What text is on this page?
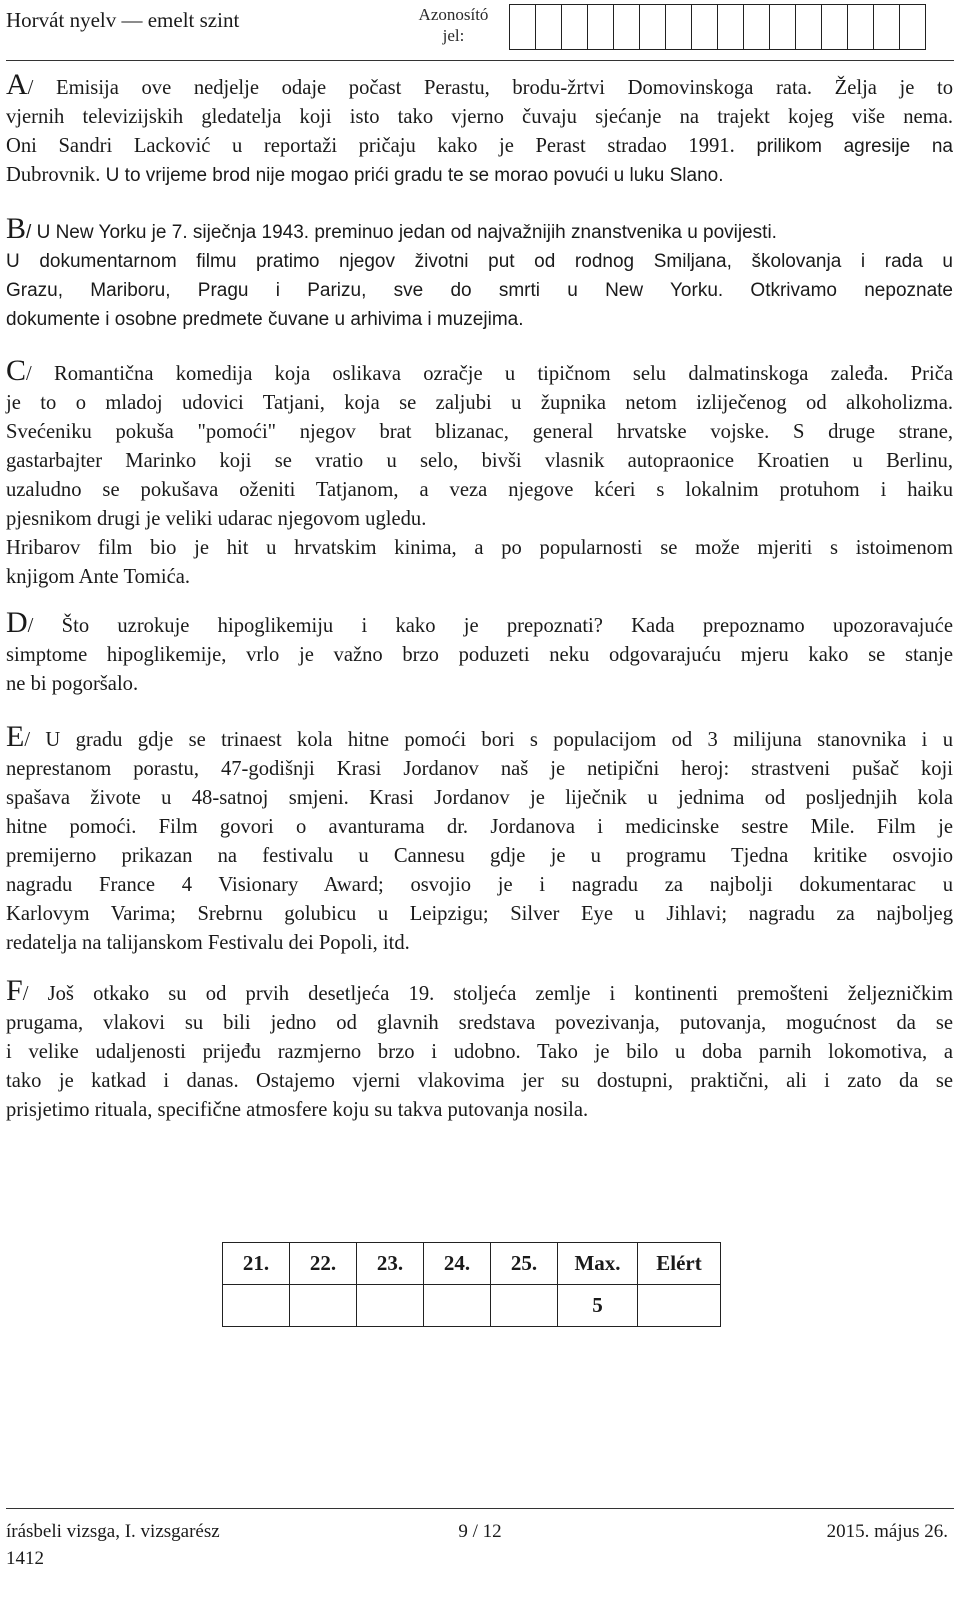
Horvát nyelv — emelt szint	Azonosító
jel:
A/ Emisija ove nedjelje odaje počast Perastu, brodu-žrtvi Domovinskoga rata. Želja je to
vjernih televizijskih gledatelja koji isto tako vjerno čuvaju sjećanje na trajekt kojeg više nema.
Oni Sandri Lacković u reportaži pričaju kako je Perast stradao 1991. prilikom agresije na
Dubrovnik. U to vrijeme brod nije mogao prići gradu te se morao povući u luku Slano.
B/ U New Yorku je 7. siječnja 1943. preminuo jedan od najvažnijih znanstvenika u povijesti.
U dokumentarnom filmu pratimo njegov životni put od rodnog Smiljana, školovanja i rada u
Grazu, Mariboru, Pragu i Parizu, sve do smrti u New Yorku. Otkrivamo nepoznate
dokumente i osobne predmete čuvane u arhivima i muzejima.
C/ Romantična komedija koja oslikava ozračje u tipičnom selu dalmatinskoga zaleđa. Priča
je to o mladoj udovici Tatjani, koja se zaljubi u župnika netom izliječenog od alkoholizma.
Svećeniku pokuša "pomoći" njegov brat blizanac, general hrvatske vojske. S druge strane,
gastarbajter Marinko koji se vratio u selo, bivši vlasnik autopraonice Kroatien u Berlinu,
uzaludno se pokušava oženiti Tatjanom, a veza njegove kćeri s lokalnim protuhom i haiku
pjesnikom drugi je veliki udarac njegovom ugledu.
Hribarov film bio je hit u hrvatskim kinima, a po popularnosti se može mjeriti s istoimenom
knjigom Ante Tomića.
D/ Što uzrokuje hipoglikemiju i kako je prepoznati? Kada prepoznamo upozoravajuće
simptome hipoglikemije, vrlo je važno brzo poduzeti neku odgovarajuću mjeru kako se stanje
ne bi pogoršalo.
E/ U gradu gdje se trinaest kola hitne pomoći bori s populacijom od 3 milijuna stanovnika i u
neprestanom porastu, 47-godišnji Krasi Jordanov naš je netipični heroj: strastveni pušač koji
spašava živote u 48-satnoj smjeni. Krasi Jordanov je liječnik u jednima od posljednjih kola
hitne pomoći. Film govori o avanturama dr. Jordanova i medicinske sestre Mile. Film je
premijerno prikazan na festivalu u Cannesu gdje je u programu Tjedna kritike osvojio
nagradu France 4 Visionary Award; osvojio je i nagradu za najbolji dokumentarac u
Karlovym Varima; Srebrnu golubicu u Leipzigu; Silver Eye u Jihlavi; nagradu za najboljeg
redatelja na talijanskom Festivalu dei Popoli, itd.
F/ Još otkako su od prvih desetljeća 19. stoljeća zemlje i kontinenti premošteni željezničkim
prugama, vlakovi su bili jedno od glavnih sredstava povezivanja, putovanja, mogućnost da se
i velike udaljenosti prijeđu razmjerno brzo i udobno. Tako je bilo u doba parnih lokomotiva, a
tako je katkad i danas. Ostajemo vjerni vlakovima jer su dostupni, praktični, ali i zato da se
prisjetimo rituala, specifične atmosfere koju su takva putovanja nosila.
21.	22.	23.	24.	25.	Max.	Elért
					5	
9 / 12
írásbeli vizsga, I. vizsgarész	2015. május 26.
1412
